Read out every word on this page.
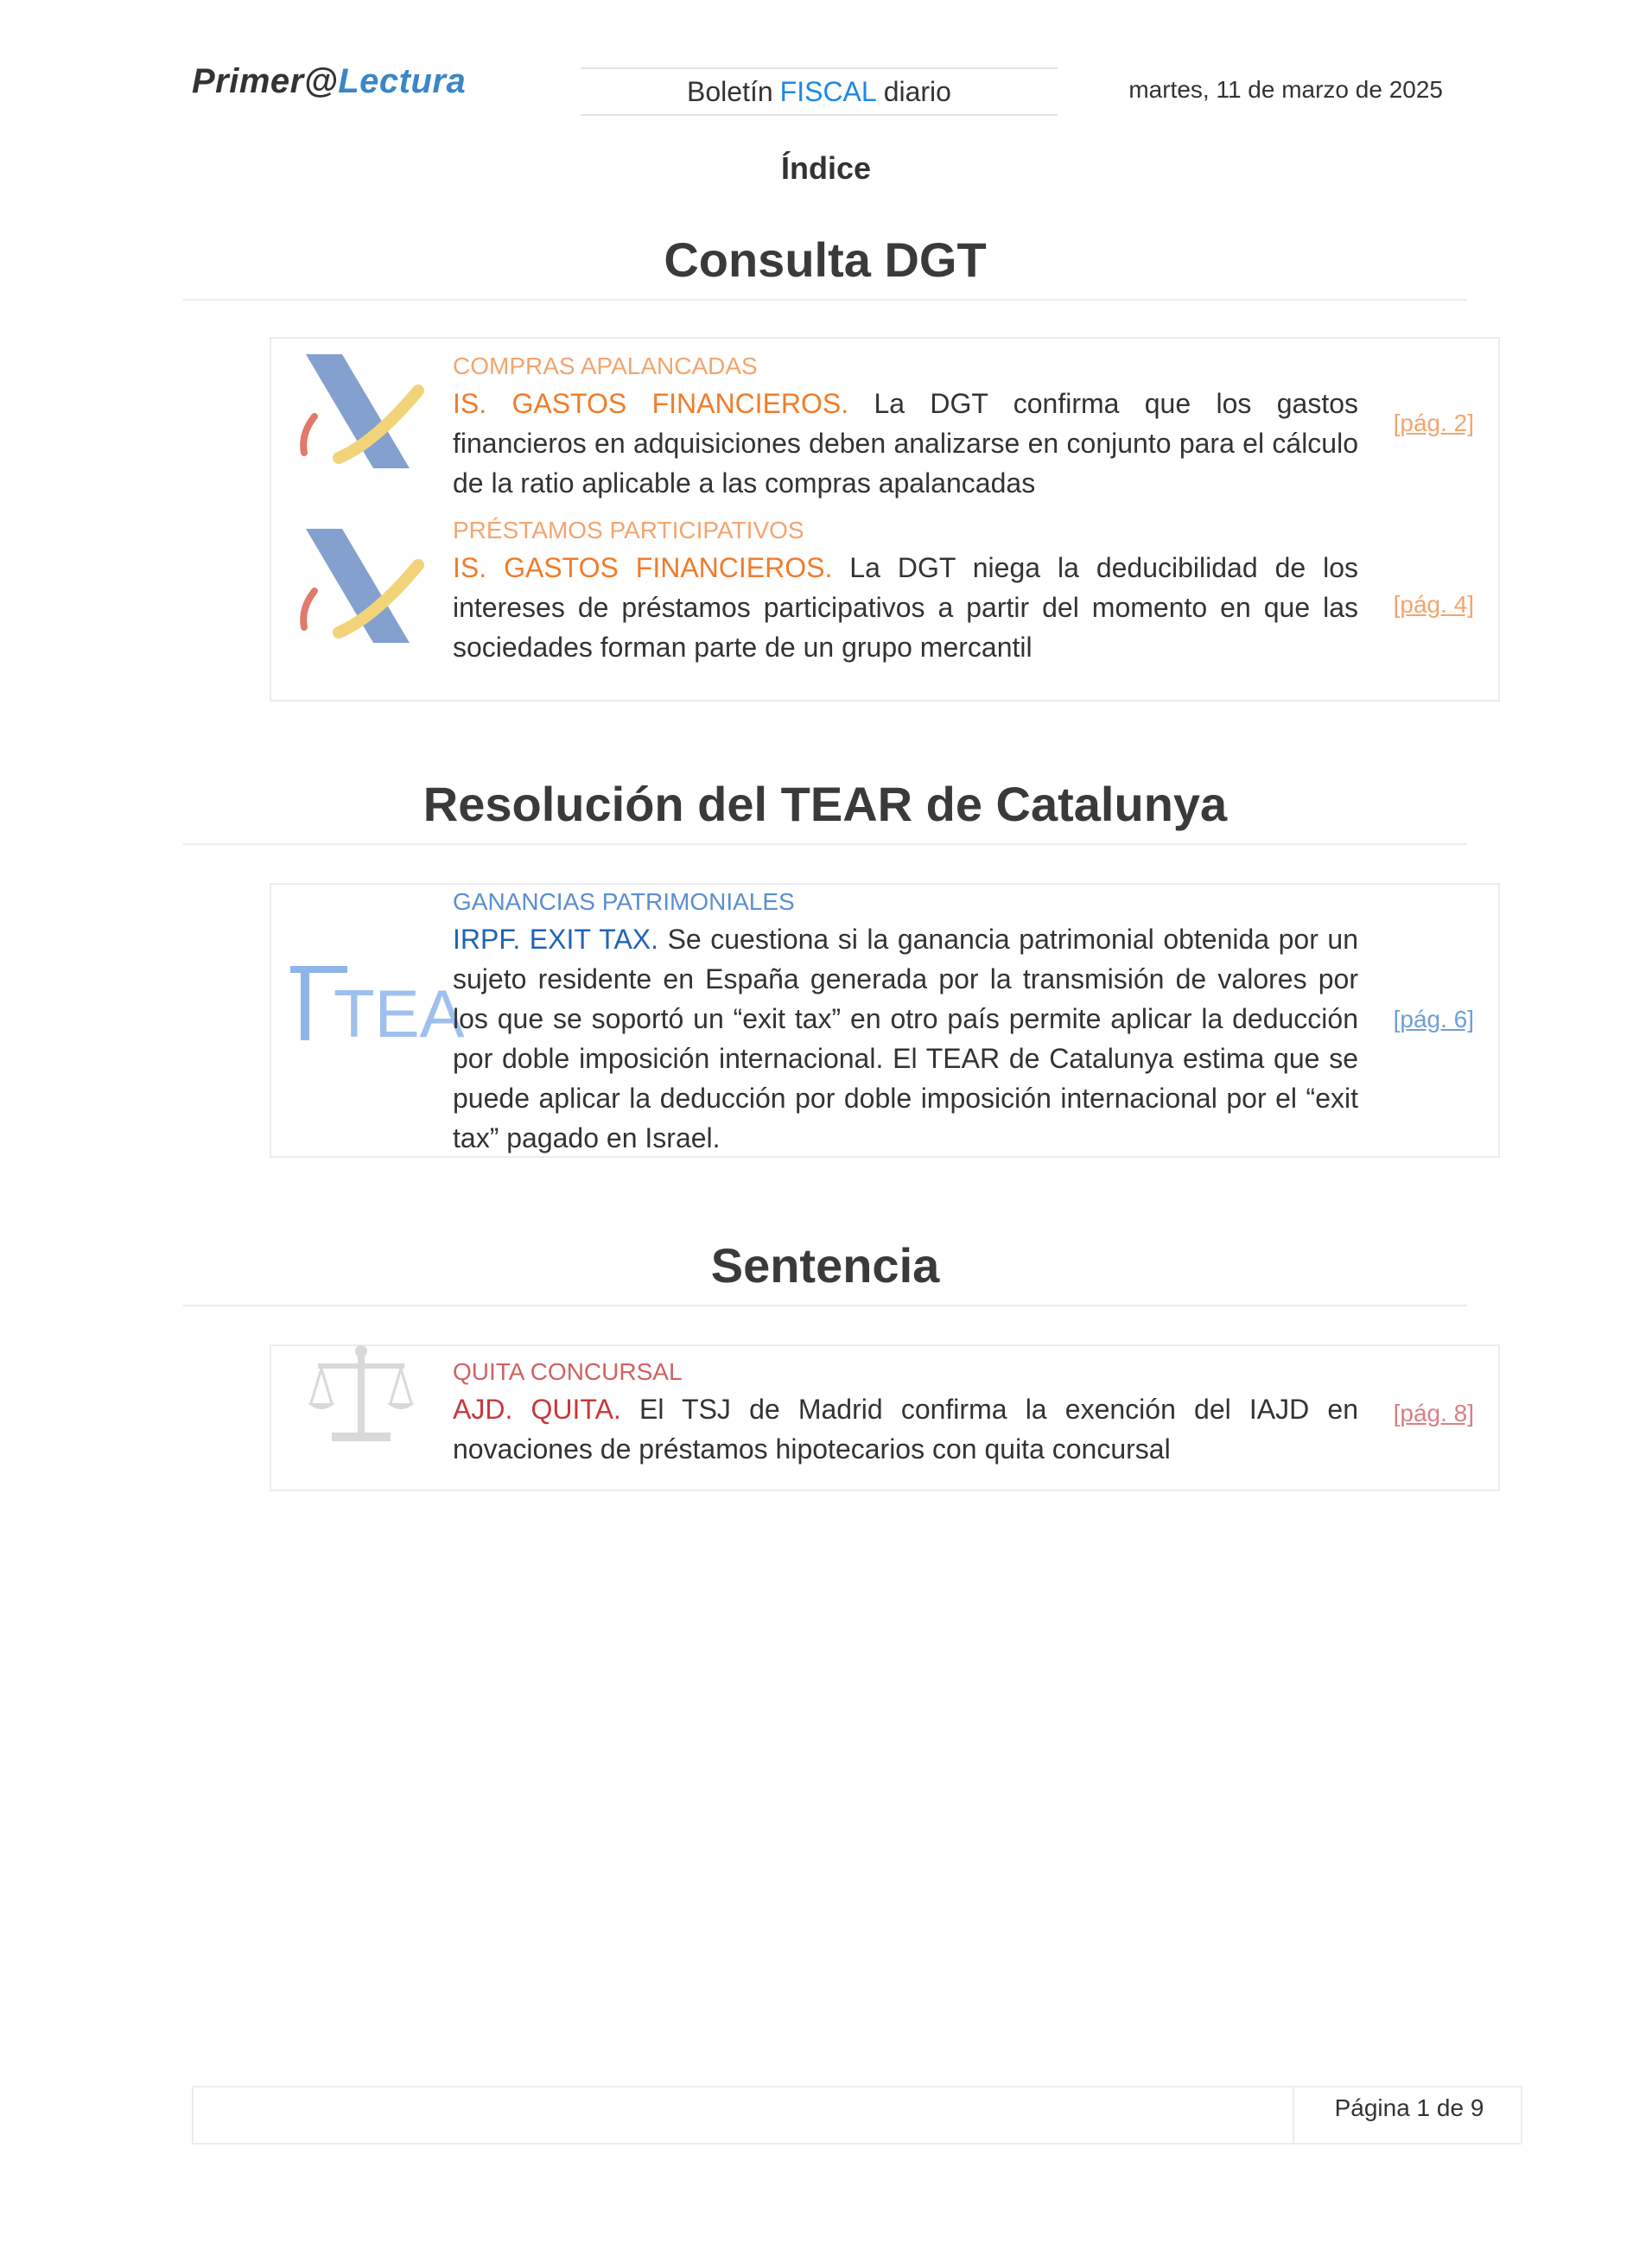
Primer@Lectura	Boletín FISCAL diario	martes, 11 de marzo de 2025
Índice
Consulta DGT
COMPRAS APALANCADAS
IS. GASTOS FINANCIEROS. La DGT confirma que los gastos financieros en adquisiciones deben analizarse en conjunto para el cálculo de la ratio aplicable a las compras apalancadas
[pág. 2]
PRÉSTAMOS PARTICIPATIVOS
IS. GASTOS FINANCIEROS. La DGT niega la deducibilidad de los intereses de préstamos participativos a partir del momento en que las sociedades forman parte de un grupo mercantil
[pág. 4]
Resolución del TEAR de Catalunya
TEA
GANANCIAS PATRIMONIALES
IRPF. EXIT TAX. Se cuestiona si la ganancia patrimonial obtenida por un sujeto residente en España generada por la transmisión de valores por los que se soportó un “exit tax” en otro país permite aplicar la deducción por doble imposición internacional. El TEAR de Catalunya estima que se puede aplicar la deducción por doble imposición internacional por el “exit tax” pagado en Israel.
[pág. 6]
Sentencia
QUITA CONCURSAL
AJD. QUITA. El TSJ de Madrid confirma la exención del IAJD en novaciones de préstamos hipotecarios con quita concursal
[pág. 8]
Página 1 de 9
